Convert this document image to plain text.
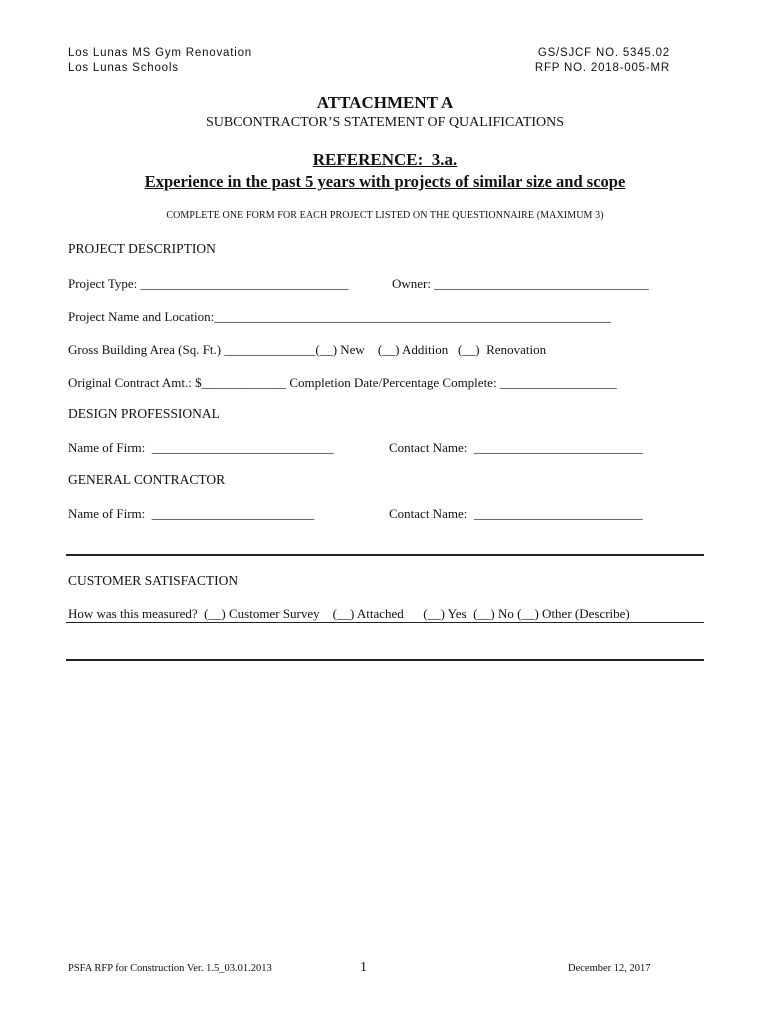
Los Lunas MS Gym Renovation
Los Lunas Schools
GS/SJCF NO. 5345.02
RFP NO. 2018-005-MR
ATTACHMENT A
SUBCONTRACTOR’S STATEMENT OF QUALIFICATIONS
REFERENCE:  3.a.
Experience in the past 5 years with projects of similar size and scope
COMPLETE ONE FORM FOR EACH PROJECT LISTED ON THE QUESTIONNAIRE (MAXIMUM 3)
PROJECT DESCRIPTION
Project Type: ________________________________	Owner: _________________________________
Project Name and Location:_____________________________________________________________
Gross Building Area (Sq. Ft.) ______________(__) New    (__) Addition   (__)  Renovation
Original Contract Amt.: $_____________ Completion Date/Percentage Complete: __________________
DESIGN PROFESSIONAL
Name of Firm:  ____________________________	Contact Name:  __________________________
GENERAL CONTRACTOR
Name of Firm:  _________________________	Contact Name:  __________________________
CUSTOMER SATISFACTION
How was this measured?  (__) Customer Survey    (__) Attached      (__) Yes  (__) No (__) Other (Describe)
PSFA RFP for Construction Ver. 1.5_03.01.2013	1	December 12, 2017
